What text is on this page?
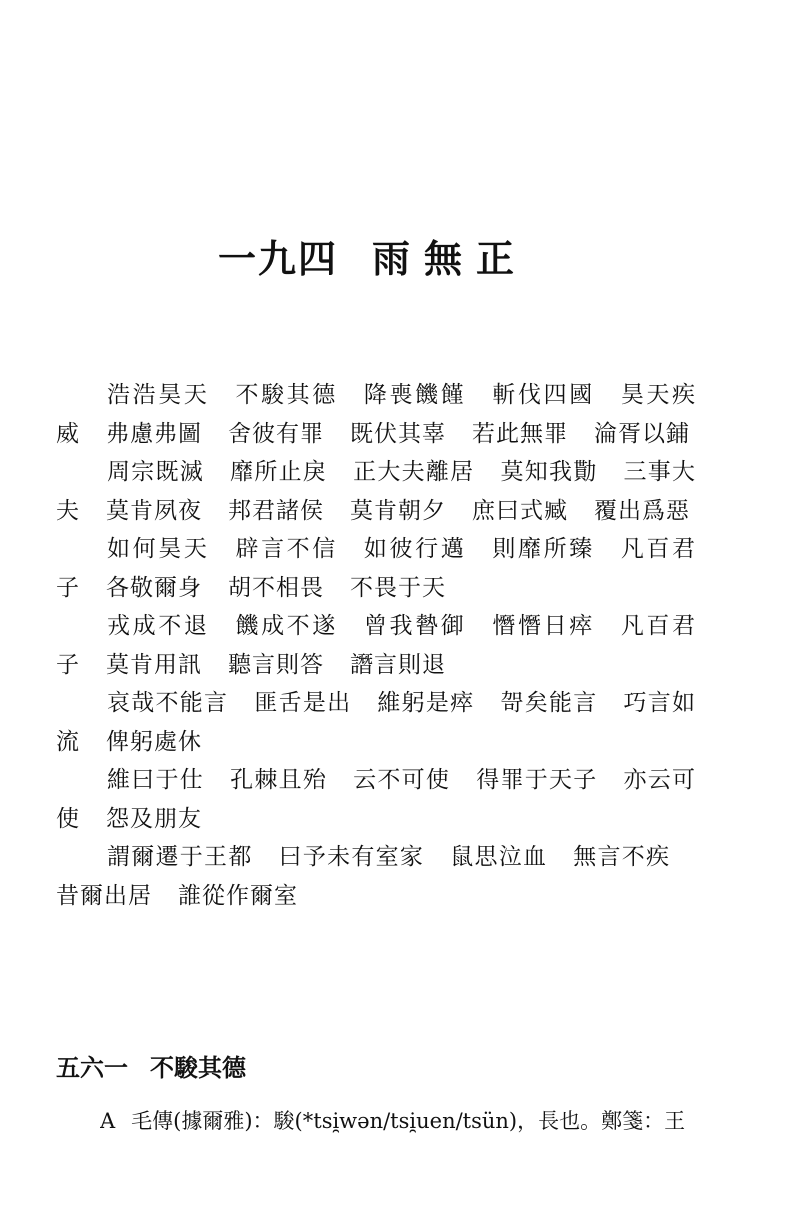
一九四 雨無正

浩浩昊天 不駿其德 降喪饑饉 斬伐四國 昊天疾威 弗慮弗圖 舍彼有罪 既伏其辜 若此無罪 淪胥以鋪

周宗既滅 靡所止戾 正大夫離居 莫知我勩 三事大夫 莫肯夙夜 邦君諸侯 莫肯朝夕 庶曰式臧 覆出爲惡

如何昊天 辟言不信 如彼行邁 則靡所臻 凡百君子 各敬爾身 胡不相畏 不畏于天

戎成不退 饑成不遂 曾我暬御 憯憯日瘁 凡百君子 莫肯用訊 聽言則答 譖言則退

哀哉不能言 匪舌是出 維躬是瘁 哿矣能言 巧言如流 俾躬處休

維曰于仕 孔棘且殆 云不可使 得罪于天子 亦云可使 怨及朋友

謂爾遷于王都 曰予未有室家 鼠思泣血 無言不疾昔爾出居 誰從作爾室

五六一 不駿其德
A 毛傳(據爾雅)：駿(*tsi̯wən/tsi̯uen/tsün)，長也。鄭箋：王
